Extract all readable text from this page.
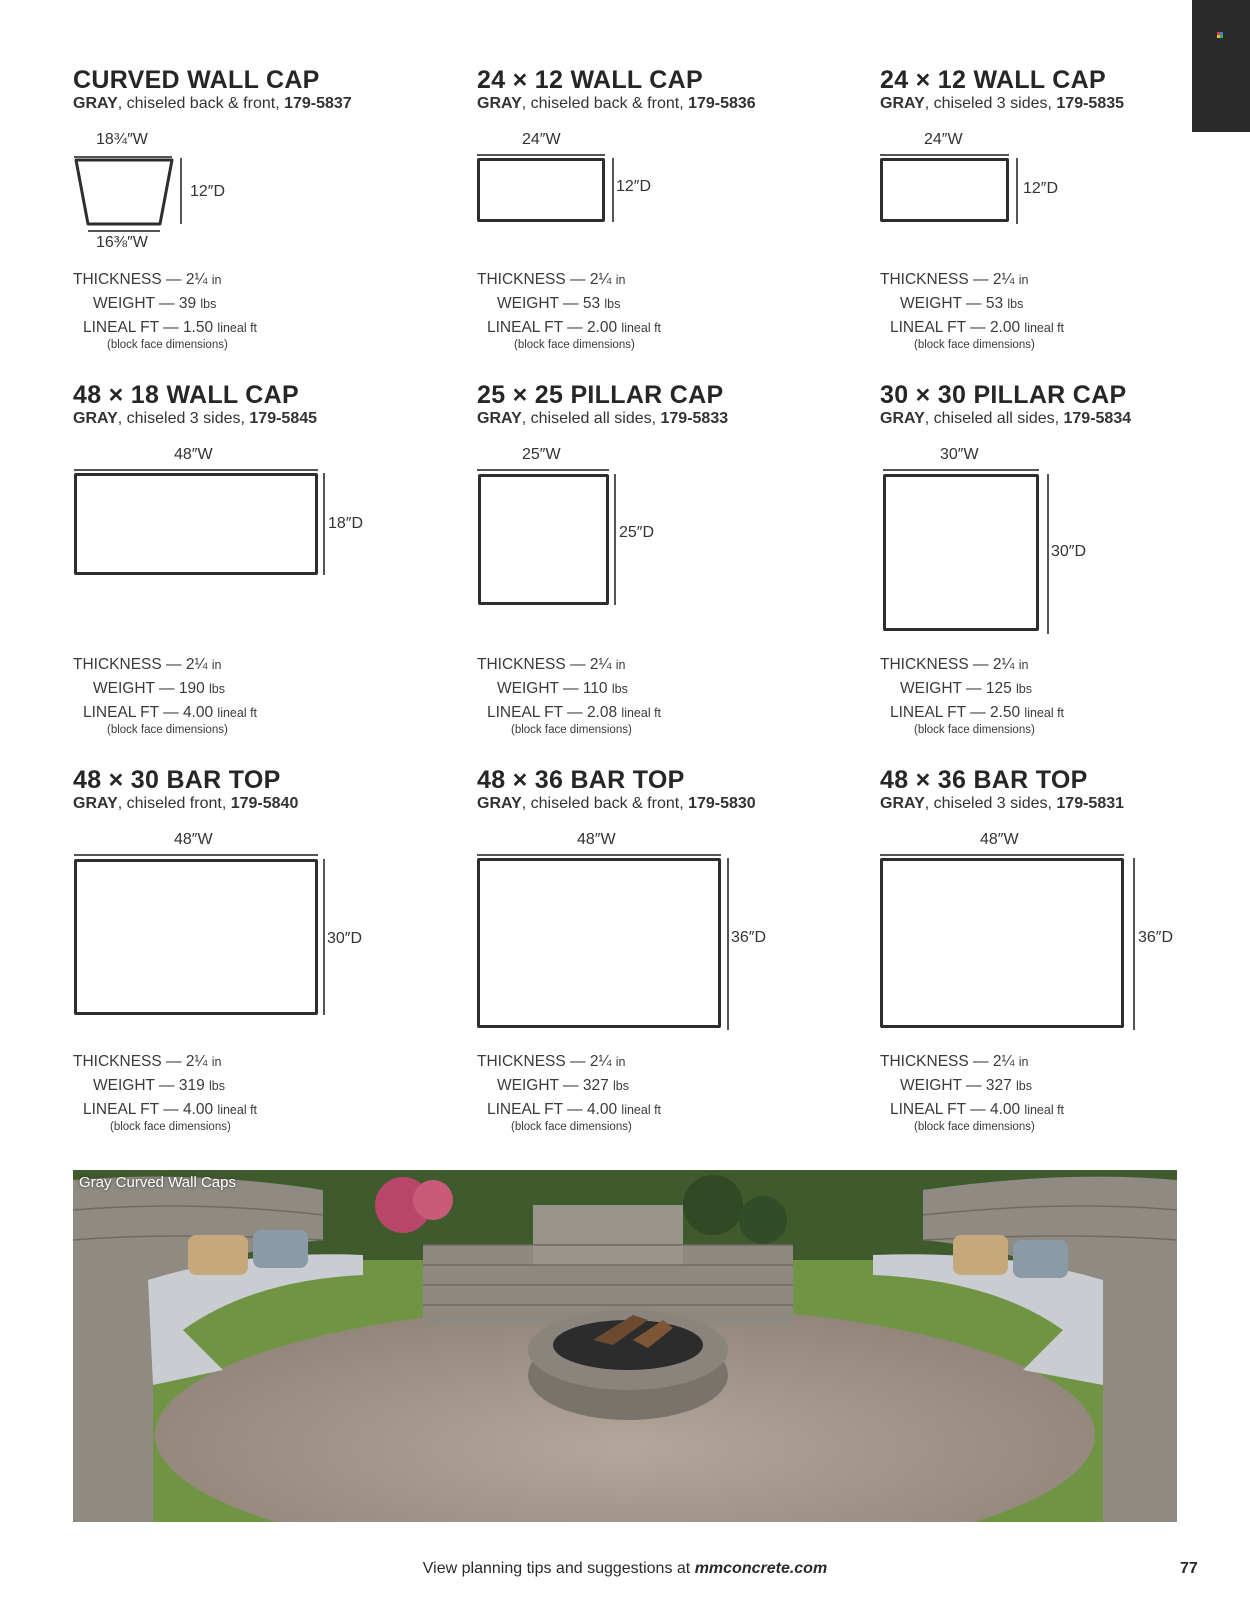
CURVED WALL CAP
GRAY, chiseled back & front, 179-5837
18¾″W
12″D
16⅜″W
THICKNESS — 2¼ in
WEIGHT — 39 lbs
LINEAL FT — 1.50 lineal ft
(block face dimensions)
24 × 12 WALL CAP
GRAY, chiseled back & front, 179-5836
24″W
12″D
THICKNESS — 2¼ in
WEIGHT — 53 lbs
LINEAL FT — 2.00 lineal ft
(block face dimensions)
24 × 12 WALL CAP
GRAY, chiseled 3 sides, 179-5835
24″W
12″D
THICKNESS — 2¼ in
WEIGHT — 53 lbs
LINEAL FT — 2.00 lineal ft
(block face dimensions)
48 × 18 WALL CAP
GRAY, chiseled 3 sides, 179-5845
48″W
18″D
THICKNESS — 2¼ in
WEIGHT — 190 lbs
LINEAL FT — 4.00 lineal ft
(block face dimensions)
25 × 25 PILLAR CAP
GRAY, chiseled all sides, 179-5833
25″W
25″D
THICKNESS — 2¼ in
WEIGHT — 110 lbs
LINEAL FT — 2.08 lineal ft
(block face dimensions)
30 × 30 PILLAR CAP
GRAY, chiseled all sides, 179-5834
30″W
30″D
THICKNESS — 2¼ in
WEIGHT — 125 lbs
LINEAL FT — 2.50 lineal ft
(block face dimensions)
48 × 30 BAR TOP
GRAY, chiseled front, 179-5840
48″W
30″D
THICKNESS — 2¼ in
WEIGHT — 319 lbs
LINEAL FT — 4.00 lineal ft
(block face dimensions)
48 × 36 BAR TOP
GRAY, chiseled back & front, 179-5830
48″W
36″D
THICKNESS — 2¼ in
WEIGHT — 327 lbs
LINEAL FT — 4.00 lineal ft
(block face dimensions)
48 × 36 BAR TOP
GRAY, chiseled 3 sides, 179-5831
48″W
36″D
THICKNESS — 2¼ in
WEIGHT — 327 lbs
LINEAL FT — 4.00 lineal ft
(block face dimensions)
Gray Curved Wall Caps
View planning tips and suggestions at mmconcrete.com	77
